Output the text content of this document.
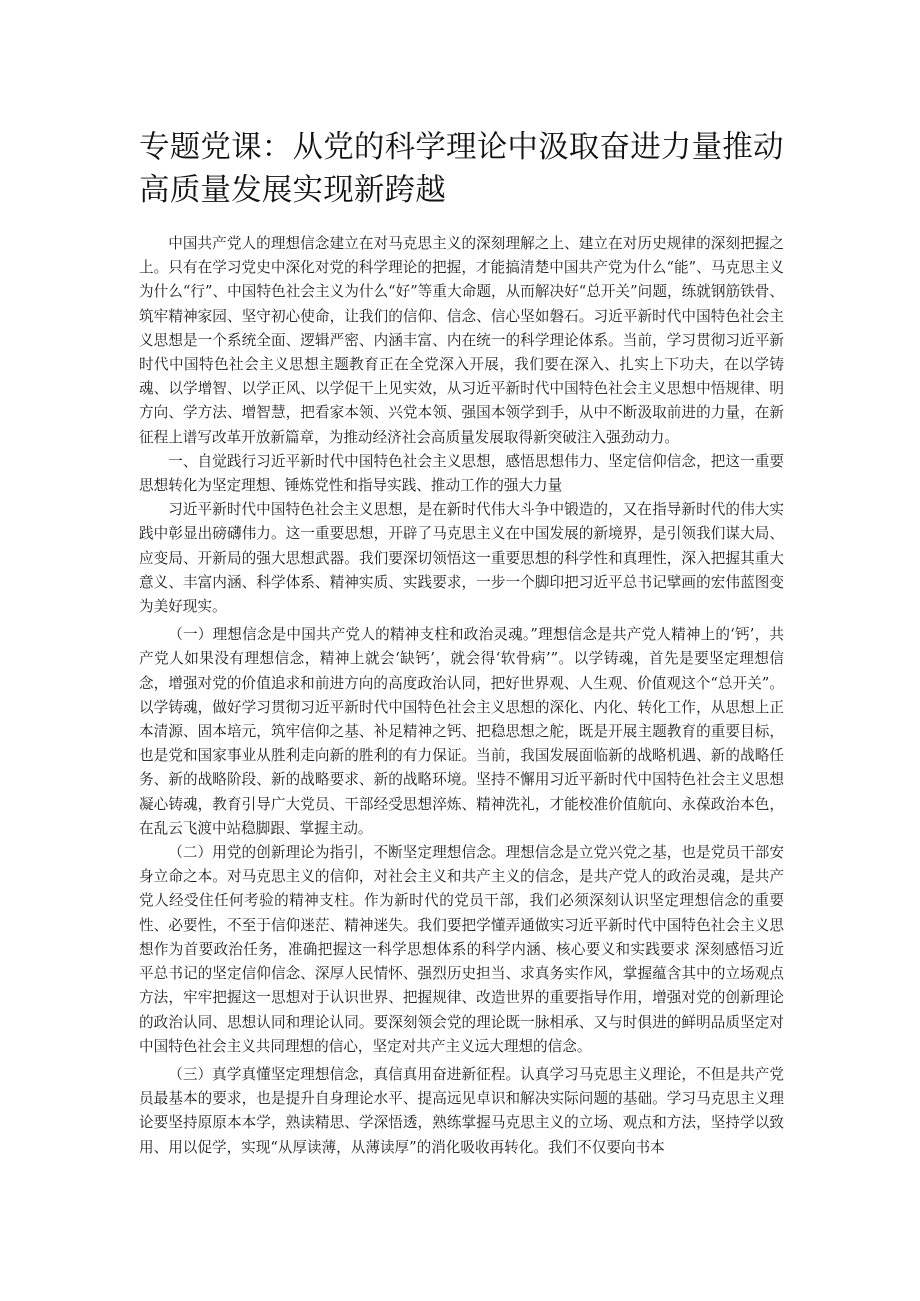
专题党课：从党的科学理论中汲取奋进力量推动高质量发展实现新跨越

中国共产党人的理想信念建立在对马克思主义的深刻理解之上、建立在对历史规律的深刻把握之上。只有在学习党史中深化对党的科学理论的把握，才能搞清楚中国共产党为什么“能”、马克思主义为什么“行”、中国特色社会主义为什么“好”等重大命题，从而解决好“总开关”问题，练就钢筋铁骨、筑牢精神家园、坚守初心使命，让我们的信仰、信念、信心坚如磐石。习近平新时代中国特色社会主义思想是一个系统全面、逻辑严密、内涵丰富、内在统一的科学理论体系。当前，学习贯彻习近平新时代中国特色社会主义思想主题教育正在全党深入开展，我们要在深入、扎实上下功夫，在以学铸魂、以学增智、以学正风、以学促干上见实效，从习近平新时代中国特色社会主义思想中悟规律、明方向、学方法、增智慧，把看家本领、兴党本领、强国本领学到手，从中不断汲取前进的力量，在新征程上谱写改革开放新篇章，为推动经济社会高质量发展取得新突破注入强劲动力。

一、自觉践行习近平新时代中国特色社会主义思想，感悟思想伟力、坚定信仰信念，把这一重要思想转化为坚定理想、锤炼党性和指导实践、推动工作的强大力量

习近平新时代中国特色社会主义思想，是在新时代伟大斗争中锻造的，又在指导新时代的伟大实践中彰显出磅礴伟力。这一重要思想，开辟了马克思主义在中国发展的新境界，是引领我们谋大局、应变局、开新局的强大思想武器。我们要深切领悟这一重要思想的科学性和真理性，深入把握其重大意义、丰富内涵、科学体系、精神实质、实践要求，一步一个脚印把习近平总书记擘画的宏伟蓝图变为美好现实。

（一）理想信念是中国共产党人的精神支柱和政治灵魂。”理想信念是共产党人精神上的‘钙’，共产党人如果没有理想信念，精神上就会‘缺钙’，就会得‘软骨病’”。以学铸魂，首先是要坚定理想信念，增强对党的价值追求和前进方向的高度政治认同，把好世界观、人生观、价值观这个“总开关”。以学铸魂，做好学习贯彻习近平新时代中国特色社会主义思想的深化、内化、转化工作，从思想上正本清源、固本培元，筑牢信仰之基、补足精神之钙、把稳思想之舵，既是开展主题教育的重要目标，也是党和国家事业从胜利走向新的胜利的有力保证。当前，我国发展面临新的战略机遇、新的战略任务、新的战略阶段、新的战略要求、新的战略环境。坚持不懈用习近平新时代中国特色社会主义思想凝心铸魂，教育引导广大党员、干部经受思想淬炼、精神洗礼，才能校准价值航向、永葆政治本色，在乱云飞渡中站稳脚跟、掌握主动。

（二）用党的创新理论为指引，不断坚定理想信念。理想信念是立党兴党之基，也是党员干部安身立命之本。对马克思主义的信仰，对社会主义和共产主义的信念，是共产党人的政治灵魂，是共产党人经受住任何考验的精神支柱。作为新时代的党员干部，我们必须深刻认识坚定理想信念的重要性、必要性，不至于信仰迷茫、精神迷失。我们要把学懂弄通做实习近平新时代中国特色社会主义思想作为首要政治任务，准确把握这一科学思想体系的科学内涵、核心要义和实践要求 深刻感悟习近平总书记的坚定信仰信念、深厚人民情怀、强烈历史担当、求真务实作风，掌握蕴含其中的立场观点方法，牢牢把握这一思想对于认识世界、把握规律、改造世界的重要指导作用，增强对党的创新理论的政治认同、思想认同和理论认同。要深刻领会党的理论既一脉相承、又与时俱进的鲜明品质坚定对中国特色社会主义共同理想的信心，坚定对共产主义远大理想的信念。

（三）真学真懂坚定理想信念，真信真用奋进新征程。认真学习马克思主义理论，不但是共产党员最基本的要求，也是提升自身理论水平、提高远见卓识和解决实际问题的基础。学习马克思主义理论要坚持原原本本学，熟读精思、学深悟透，熟练掌握马克思主义的立场、观点和方法，坚持学以致用、用以促学，实现“从厚读薄，从薄读厚”的消化吸收再转化。我们不仅要向书本
